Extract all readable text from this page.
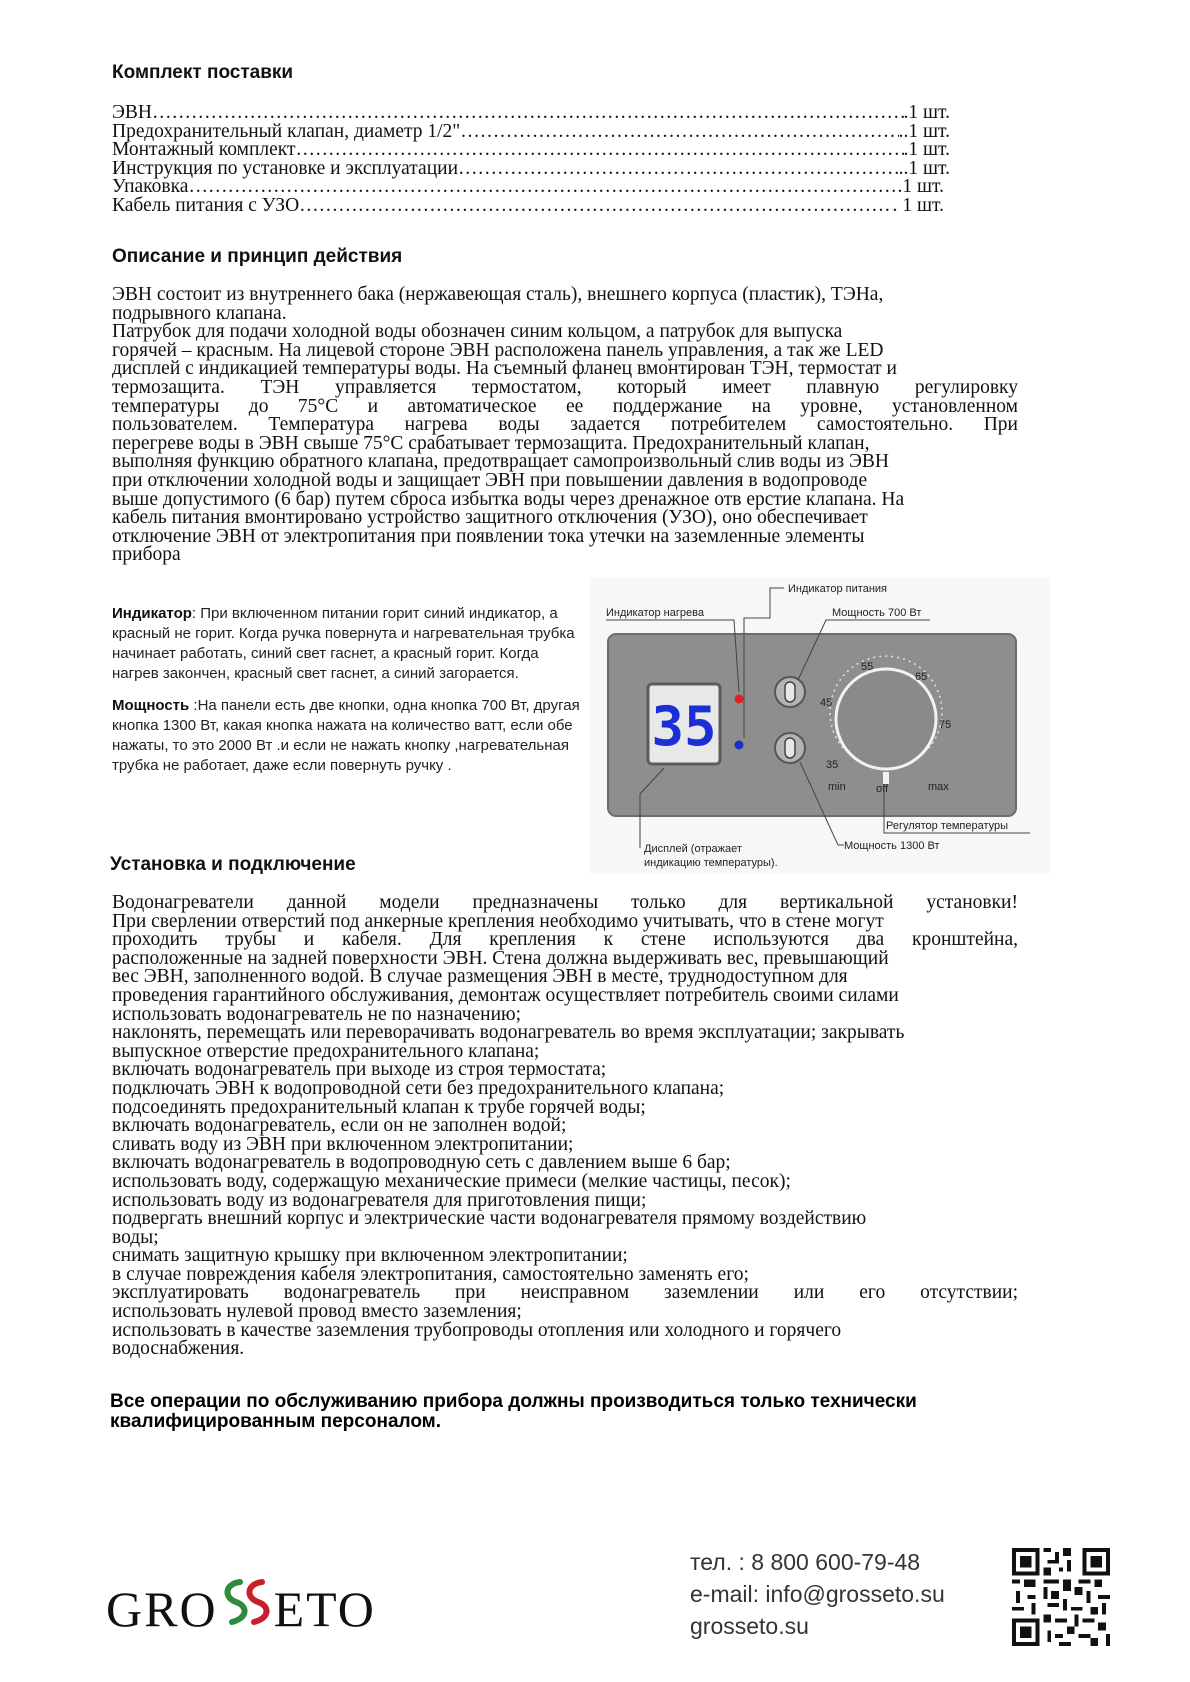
Комплект поставки
ЭВН ……………………………………………………………………………………………………………………………………………………………………………………	.1 шт.
Предохранительный клапан, диаметр 1/2" ……………………………………………………………………………………………………………………………………………………………………………………	..1 шт.
Монтажный комплект ……………………………………………………………………………………………………………………………………………………………………………………	.1 шт.
Инструкция по установке и эксплуатации ……………………………………………………………………………………………………………………………………………………………………………………	..1 шт.
Упаковка ……………………………………………………………………………………………………………………………………………………………………………………	.1 шт.
Кабель питания с УЗО ……………………………………………………………………………………………………………………………………………………………………………………	. 1 шт.
Описание и принцип действия
ЭВН состоит из внутреннего бака (нержавеющая сталь), внешнего корпуса (пластик), ТЭНа,
подрывного клапана.
Патрубок для подачи холодной воды обозначен синим кольцом, а патрубок для выпуска
горячей – красным. На лицевой стороне ЭВН расположена панель управления, а так же LED
дисплей с индикацией температуры воды. На съемный фланец вмонтирован ТЭН, термостат и
термозащита. ТЭН управляется термостатом, который имеет плавную регулировку
температуры до 75°C и автоматическое ее поддержание на уровне, установленном
пользователем. Температура нагрева воды задается потребителем самостоятельно. При
перегреве воды в ЭВН свыше 75°C срабатывает термозащита. Предохранительный клапан,
выполняя функцию обратного клапана, предотвращает самопроизвольный слив воды из ЭВН
при отключении холодной воды и защищает ЭВН при повышении давления в водопроводе
выше допустимого (6 бар) путем сброса избытка воды через дренажное отв ерстие клапана. На
кабель питания вмонтировано устройство защитного отключения (УЗО), оно обеспечивает
отключение ЭВН от электропитания при появлении тока утечки на заземленные элементы
прибора

Индикатор: При включенном питании горит синий индикатор, а красный не горит. Когда ручка повернута и нагревательная трубка начинает работать, синий свет гаснет, а красный горит. Когда нагрев закончен, красный свет гаснет, а синий загорается.

Мощность :На панели есть две кнопки, одна кнопка 700 Вт, другая кнопка 1300 Вт, какая кнопка нажата на количество ватт, если обе нажаты, то это 2000 Вт .и если не нажать кнопку ,нагревательная трубка не работает, даже если повернуть ручку .

35
35
45
55
65
75
min	off	max
Индикатор питания
Индикатор нагрева	Мощность 700 Вт
Регулятор температуры
Мощность 1300 Вт
Дисплей (отражает
индикацию температуры).
Установка и подключение
Водонагреватели данной модели предназначены только для вертикальной установки!
При сверлении отверстий под анкерные крепления необходимо учитывать, что в стене могут
проходить трубы и кабеля. Для крепления к стене используются два кронштейна,
расположенные на задней поверхности ЭВН. Стена должна выдерживать вес, превышающий
вес ЭВН, заполненного водой. В случае размещения ЭВН в месте, труднодоступном для
проведения гарантийного обслуживания, демонтаж осуществляет потребитель своими силами
использовать водонагреватель не по назначению;
наклонять, перемещать или переворачивать водонагреватель во время эксплуатации; закрывать
выпускное отверстие предохранительного клапана;
включать водонагреватель при выходе из строя термостата;
подключать ЭВН к водопроводной сети без предохранительного клапана;
подсоединять предохранительный клапан к трубе горячей воды;
включать водонагреватель, если он не заполнен водой;
сливать воду из ЭВН при включенном электропитании;
включать водонагреватель в водопроводную сеть с давлением выше 6 бар;
использовать воду, содержащую механические примеси (мелкие частицы, песок);
использовать воду из водонагревателя для приготовления пищи;
подвергать внешний корпус и электрические части водонагревателя прямому воздействию
воды;
снимать защитную крышку при включенном электропитании;
в случае повреждения кабеля электропитания, самостоятельно заменять его;
эксплуатировать водонагреватель при неисправном заземлении или его отсутствии;
использовать нулевой провод вместо заземления;
использовать в качестве заземления трубопроводы отопления или холодного и горячего
водоснабжения.
Все операции по обслуживанию прибора должны производиться только технически квалифицированным персоналом.
GRO ETO
тел. : 8 800 600-79-48
e-mail: info@grosseto.su
grosseto.su
